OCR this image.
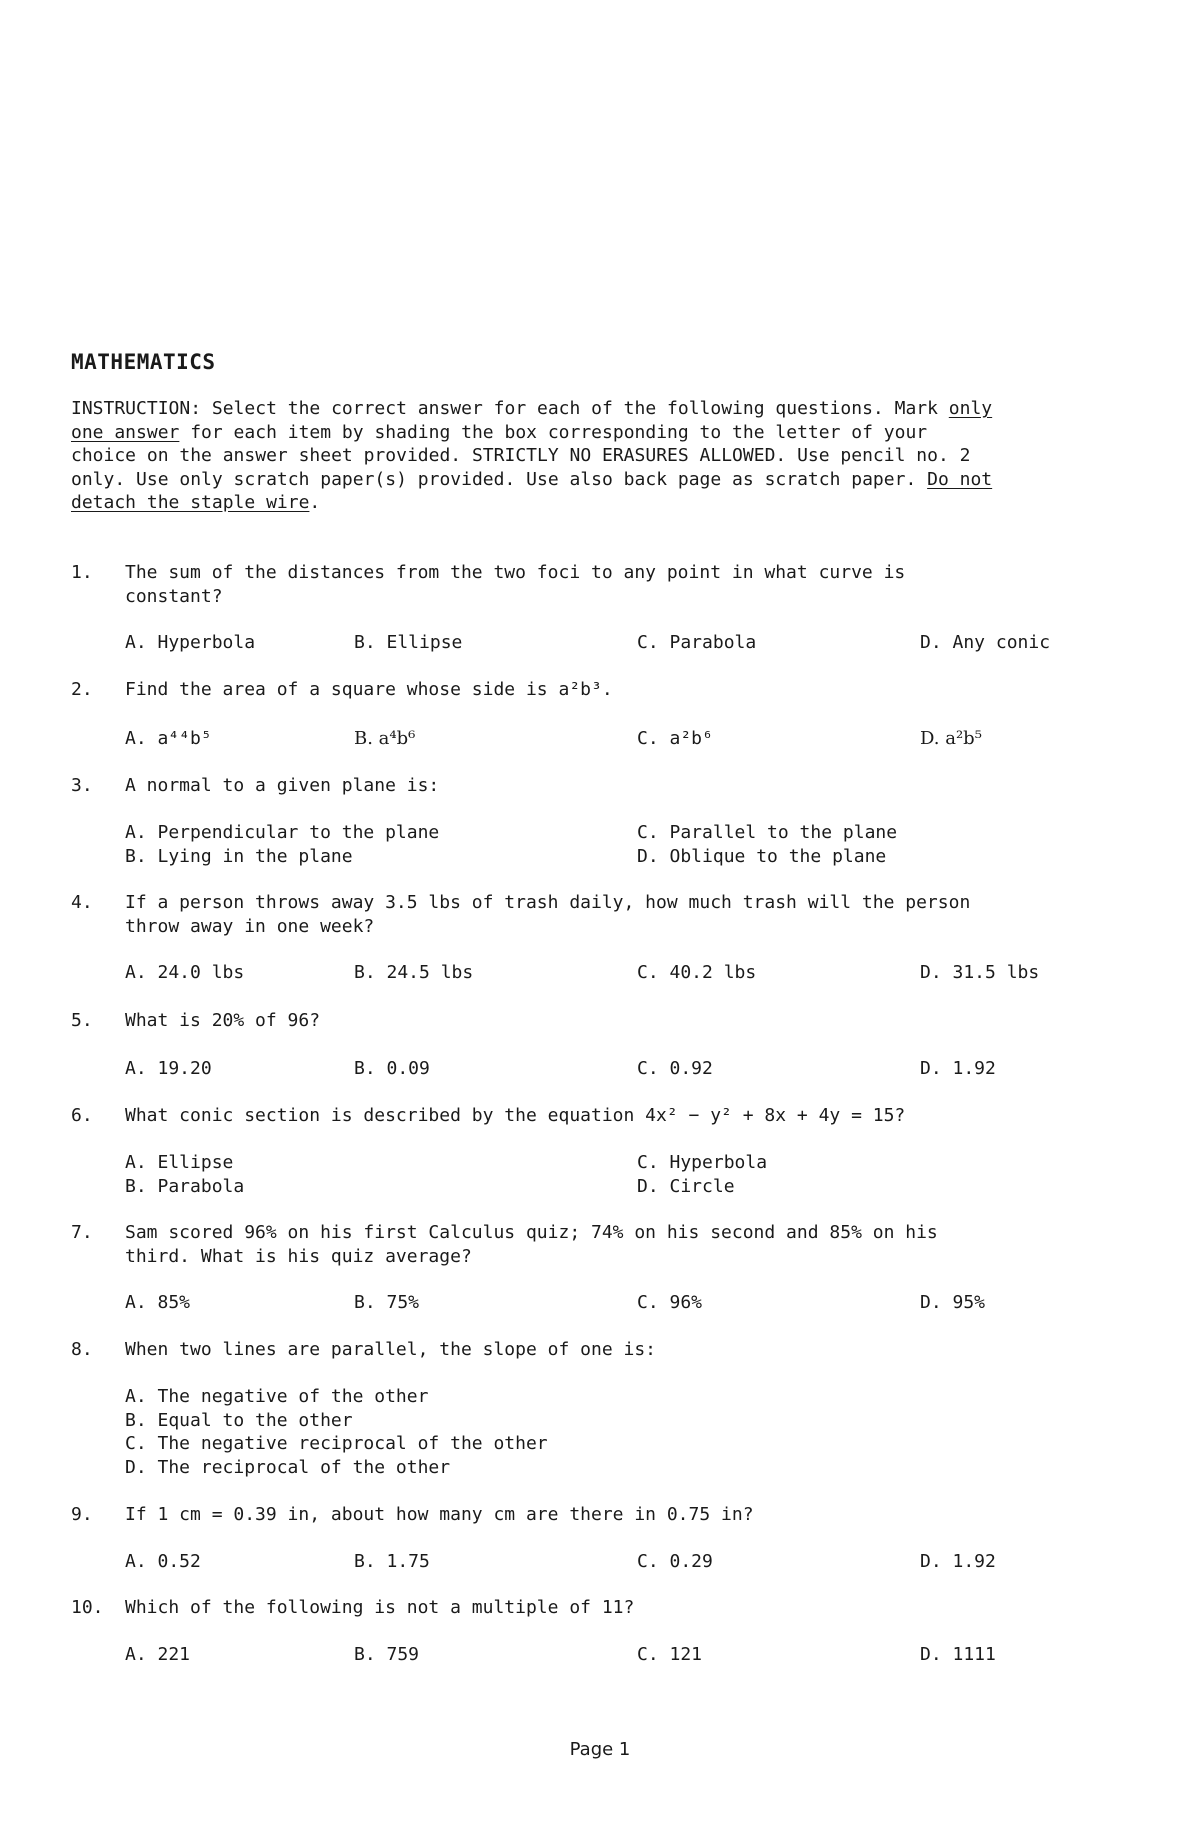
MATHEMATICS
INSTRUCTION: Select the correct answer for each of the following questions. Mark only
one answer for each item by shading the box corresponding to the letter of your
choice on the answer sheet provided. STRICTLY NO ERASURES ALLOWED. Use pencil no. 2
only. Use only scratch paper(s) provided. Use also back page as scratch paper. Do not
detach the staple wire.
1. The sum of the distances from the two foci to any point in what curve is
constant?
A. Hyperbola	B. Ellipse	C. Parabola	D. Any conic
2. Find the area of a square whose side is a²b³.
A. a⁴⁴b⁵	B. a⁴b⁶	C. a²b⁶	D. a²b⁵
3. A normal to a given plane is:
A. Perpendicular to the plane	C. Parallel to the plane
B. Lying in the plane	D. Oblique to the plane
4. If a person throws away 3.5 lbs of trash daily, how much trash will the person
throw away in one week?
A. 24.0 lbs	B. 24.5 lbs	C. 40.2 lbs	D. 31.5 lbs
5. What is 20% of 96?
A. 19.20	B. 0.09	C. 0.92	D. 1.92
6. What conic section is described by the equation 4x² − y² + 8x + 4y = 15?
A. Ellipse	C. Hyperbola
B. Parabola	D. Circle
7. Sam scored 96% on his first Calculus quiz; 74% on his second and 85% on his
third. What is his quiz average?
A. 85%	B. 75%	C. 96%	D. 95%
8. When two lines are parallel, the slope of one is:
A. The negative of the other
B. Equal to the other
C. The negative reciprocal of the other
D. The reciprocal of the other
9. If 1 cm = 0.39 in, about how many cm are there in 0.75 in?
A. 0.52	B. 1.75	C. 0.29	D. 1.92
10. Which of the following is not a multiple of 11?
A. 221	B. 759	C. 121	D. 1111
Page 1
